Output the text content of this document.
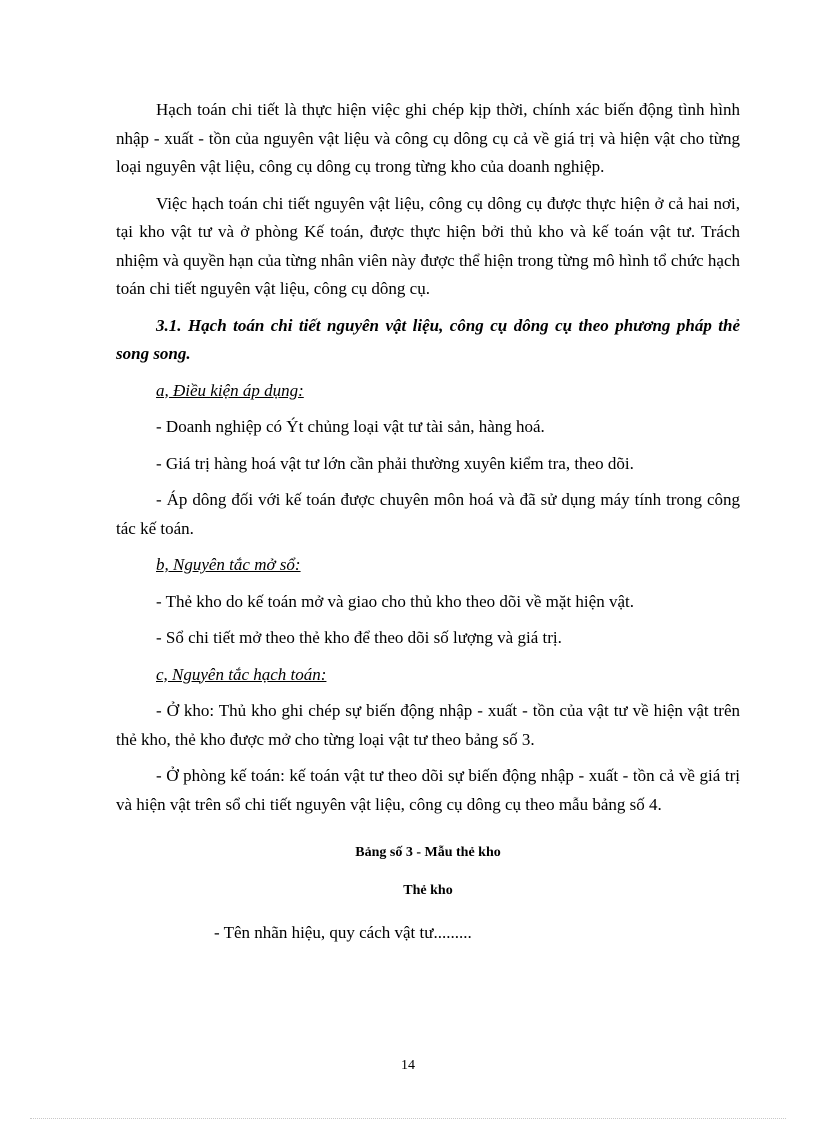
Hạch toán chi tiết là thực hiện việc ghi chép kịp thời, chính xác biến động tình hình nhập - xuất - tồn của nguyên vật liệu và công cụ dông cụ cả về giá trị và hiện vật cho từng loại nguyên vật liệu, công cụ dông cụ trong từng kho của doanh nghiệp.

Việc hạch toán chi tiết nguyên vật liệu, công cụ dông cụ được thực hiện ở cả hai nơi, tại kho vật tư và ở phòng Kế toán, được thực hiện bởi thủ kho và kế toán vật tư. Trách nhiệm và quyền hạn của từng nhân viên này được thể hiện trong từng mô hình tổ chức hạch toán chi tiết nguyên vật liệu, công cụ dông cụ.

3.1. Hạch toán chi tiết nguyên vật liệu, công cụ dông cụ theo phương pháp thẻ song song.

a, Điều kiện áp dụng:

- Doanh nghiệp có Ýt chủng loại vật tư tài sản, hàng hoá.

- Giá trị hàng hoá vật tư lớn cần phải thường xuyên kiểm tra, theo dõi.

- Áp dông đối với kế toán được chuyên môn hoá và đã sử dụng máy tính trong công tác kế toán.

b, Nguyên tắc mở sổ:

- Thẻ kho do kế toán mở và giao cho thủ kho theo dõi về mặt hiện vật.

- Sổ chi tiết mở theo thẻ kho để theo dõi số lượng và giá trị.

c, Nguyên tắc hạch toán:

- Ở kho: Thủ kho ghi chép sự biến động nhập - xuất - tồn của vật tư về hiện vật trên thẻ kho, thẻ kho được mở cho từng loại vật tư theo bảng số 3.

- Ở phòng kế toán: kế toán vật tư theo dõi sự biến động nhập - xuất - tồn cả về giá trị và hiện vật trên sổ chi tiết nguyên vật liệu, công cụ dông cụ theo mẫu bảng số 4.

Bảng số 3 - Mẫu thẻ kho

Thẻ kho

- Tên nhãn hiệu, quy cách vật tư.........

14
